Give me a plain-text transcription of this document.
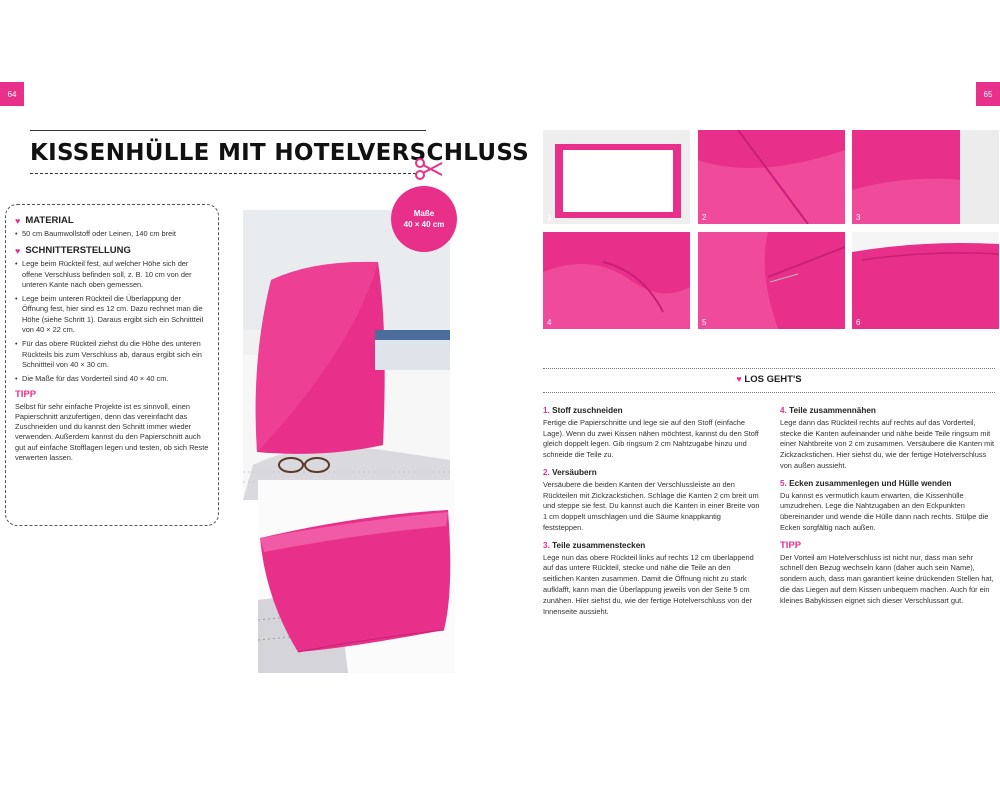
64	65
KISSENHÜLLE MIT HOTELVERSCHLUSS
♥ MATERIAL
• 50 cm Baumwollstoff oder Leinen, 140 cm breit
♥ SCHNITTERSTELLUNG
• Lege beim Rückteil fest, auf welcher Höhe sich der offene Verschluss befinden soll, z. B. 10 cm von der unteren Kante nach oben gemessen.
• Lege beim unteren Rückteil die Überlappung der Öffnung fest, hier sind es 12 cm. Dazu rechnet man die Höhe (siehe Schritt 1). Daraus ergibt sich ein Schnittteil von 40 × 22 cm.
• Für das obere Rückteil ziehst du die Höhe des unteren Rückteils bis zum Verschluss ab, daraus ergibt sich ein Schnittteil von 40 × 30 cm.
• Die Maße für das Vorderteil sind 40 × 40 cm.
TIPP
Selbst für sehr einfache Projekte ist es sinnvoll, einen Papierschnitt anzufertigen, denn das vereinfacht das Zuschneiden und du kannst den Schnitt immer wieder verwenden. Außerdem kannst du den Papierschnitt auch gut auf einfache Stofflagen legen und testen, ob sich Reste verwerten lassen.
Maße
40 × 40 cm
1	2	3
4	5	6
♥ LOS GEHT'S
1. Stoff zuschneiden
Fertige die Papierschnitte und lege sie auf den Stoff (einfache Lage). Wenn du zwei Kissen nähen möchtest, kannst du den Stoff gleich doppelt legen. Gib ringsum 2 cm Nahtzugabe hinzu und schneide die Teile zu.
2. Versäubern
Versäubere die beiden Kanten der Verschlussleiste an den Rückteilen mit Zickzackstichen. Schlage die Kanten 2 cm breit um und steppe sie fest. Du kannst auch die Kanten in einer Breite von 1 cm doppelt umschlagen und die Säume knappkantig feststeppen.
3. Teile zusammenstecken
Lege nun das obere Rückteil links auf rechts 12 cm überlappend auf das untere Rückteil, stecke und nähe die Teile an den seitlichen Kanten zusammen. Damit die Öffnung nicht zu stark aufklafft, kann man die Überlappung jeweils von der Seite 5 cm zunähen. Hier siehst du, wie der fertige Hotelverschluss von der Innenseite aussieht.
4. Teile zusammennähen
Lege dann das Rückteil rechts auf rechts auf das Vorderteil, stecke die Kanten aufeinander und nähe beide Teile ringsum mit einer Nahtbreite von 2 cm zusammen. Versäubere die Kanten mit Zickzackstichen. Hier siehst du, wie der fertige Hotelverschluss von außen aussieht.
5. Ecken zusammenlegen und Hülle wenden
Du kannst es vermutlich kaum erwarten, die Kissenhülle umzudrehen. Lege die Nahtzugaben an den Eckpunkten übereinander und wende die Hülle dann nach rechts. Stülpe die Ecken sorgfältig nach außen.
TIPP
Der Vorteil am Hotelverschluss ist nicht nur, dass man sehr schnell den Bezug wechseln kann (daher auch sein Name), sondern auch, dass man garantiert keine drückenden Stellen hat, die das Liegen auf dem Kissen unbequem machen. Auch für ein kleines Babykissen eignet sich dieser Verschlussart gut.
